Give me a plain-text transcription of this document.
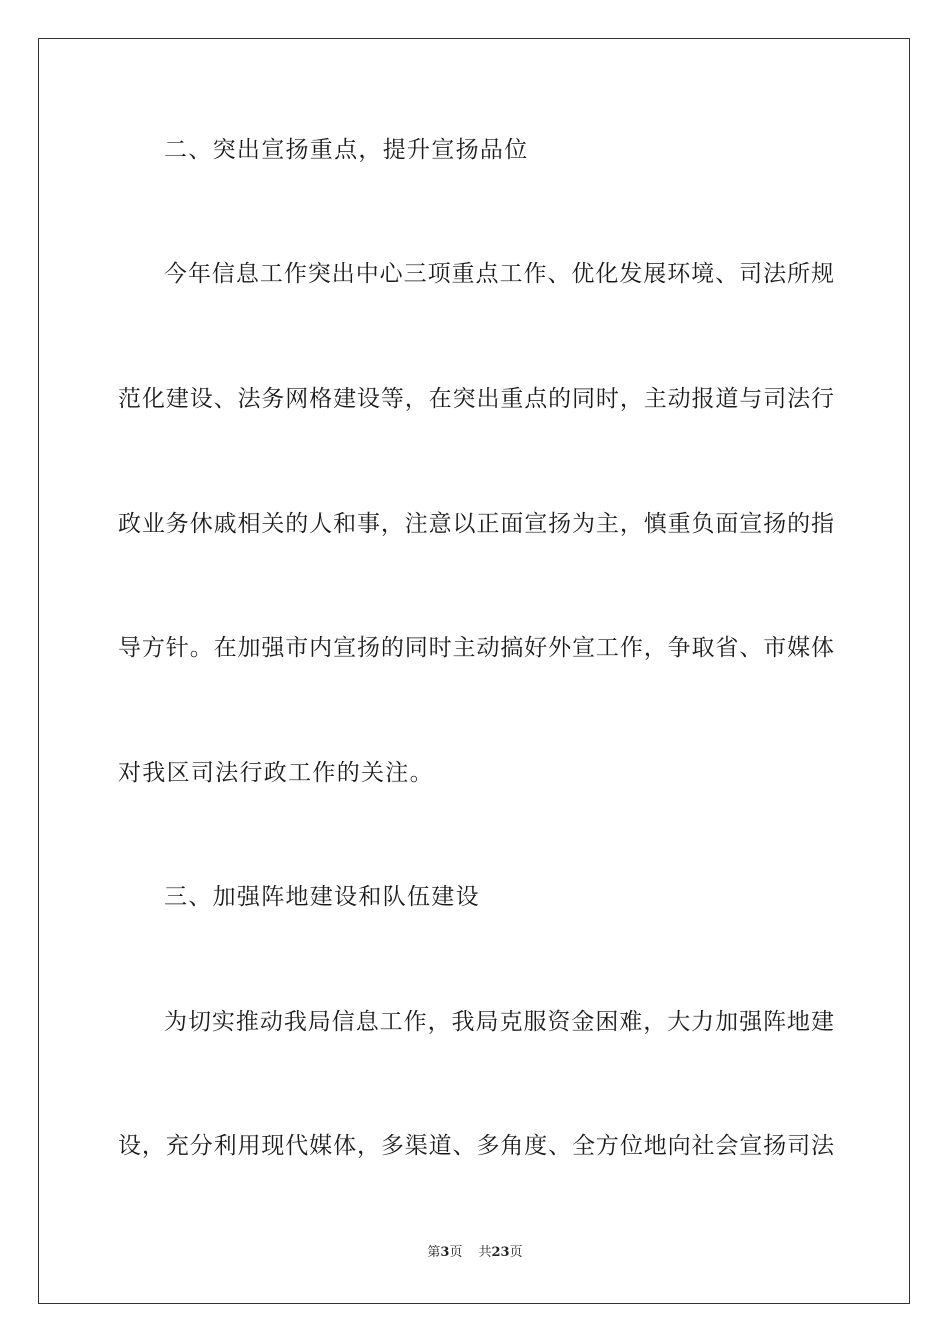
二、突出宣扬重点，提升宣扬品位
今年信息工作突出中心三项重点工作、优化发展环境、司法所规
范化建设、法务网格建设等，在突出重点的同时，主动报道与司法行
政业务休戚相关的人和事，注意以正面宣扬为主，慎重负面宣扬的指
导方针。在加强市内宣扬的同时主动搞好外宣工作，争取省、市媒体
对我区司法行政工作的关注。
三、加强阵地建设和队伍建设
为切实推动我局信息工作，我局克服资金困难，大力加强阵地建
设，充分利用现代媒体，多渠道、多角度、全方位地向社会宣扬司法
第3页 共23页
